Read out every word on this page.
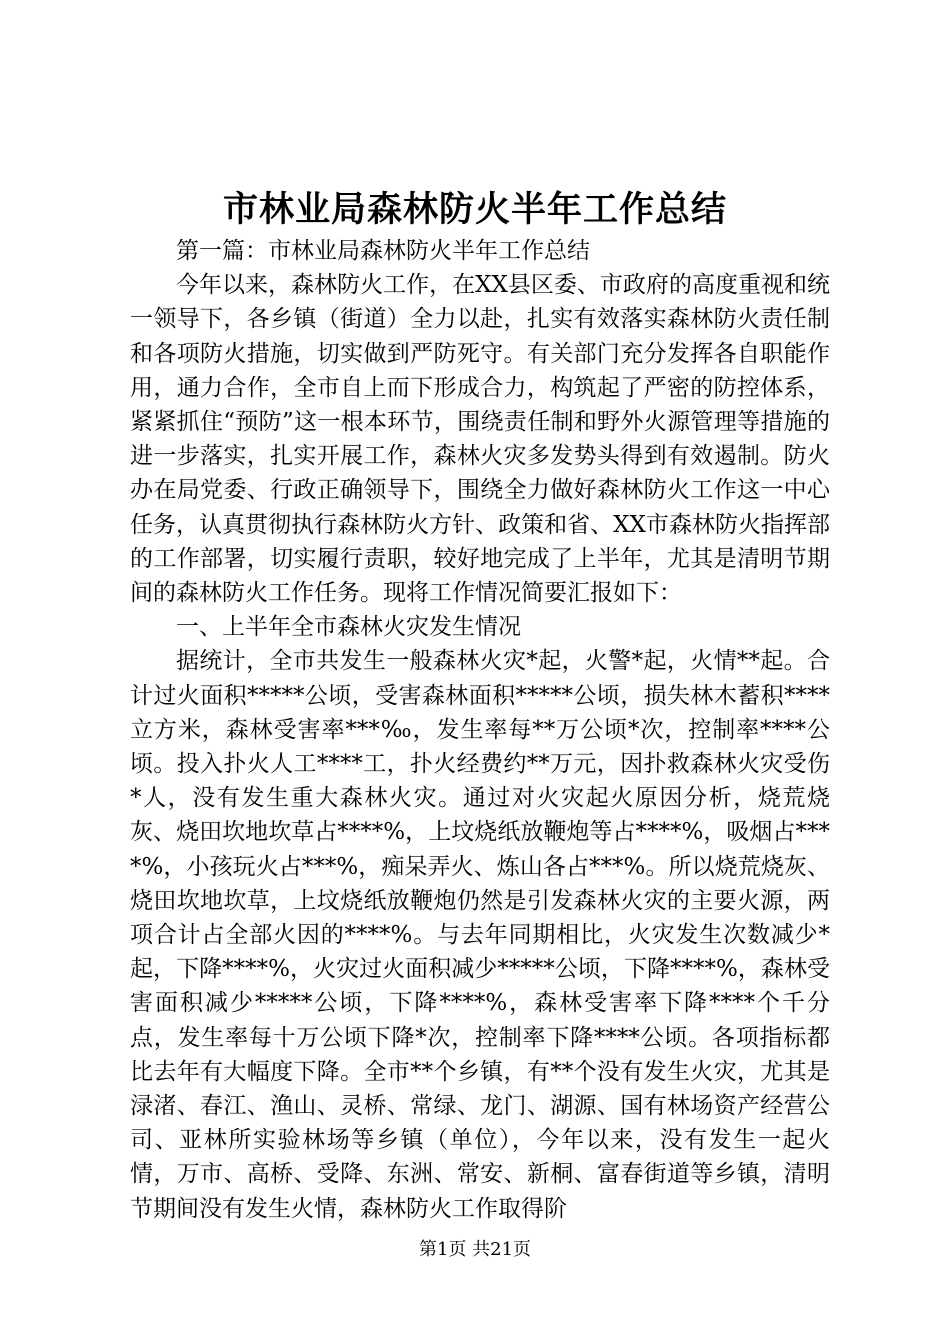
市林业局森林防火半年工作总结

第一篇：市林业局森林防火半年工作总结

今年以来，森林防火工作，在XX县区委、市政府的高度重视和统一领导下，各乡镇（街道）全力以赴，扎实有效落实森林防火责任制和各项防火措施，切实做到严防死守。有关部门充分发挥各自职能作用，通力合作，全市自上而下形成合力，构筑起了严密的防控体系，紧紧抓住“预防”这一根本环节，围绕责任制和野外火源管理等措施的进一步落实，扎实开展工作，森林火灾多发势头得到有效遏制。防火办在局党委、行政正确领导下，围绕全力做好森林防火工作这一中心任务，认真贯彻执行森林防火方针、政策和省、XX市森林防火指挥部的工作部署，切实履行责职，较好地完成了上半年，尤其是清明节期间的森林防火工作任务。现将工作情况简要汇报如下：

一、上半年全市森林火灾发生情况

据统计，全市共发生一般森林火灾*起，火警*起，火情**起。合计过火面积*****公顷，受害森林面积*****公顷，损失林木蓄积****立方米，森林受害率***‰，发生率每**万公顷*次，控制率****公顷。投入扑火人工****工，扑火经费约**万元，因扑救森林火灾受伤*人，没有发生重大森林火灾。通过对火灾起火原因分析，烧荒烧灰、烧田坎地坎草占****%，上坟烧纸放鞭炮等占****%，吸烟占****%，小孩玩火占***%，痴呆弄火、炼山各占***%。所以烧荒烧灰、烧田坎地坎草，上坟烧纸放鞭炮仍然是引发森林火灾的主要火源，两项合计占全部火因的****%。与去年同期相比，火灾发生次数减少*起，下降****%，火灾过火面积减少*****公顷，下降****%，森林受害面积减少*****公顷，下降****%，森林受害率下降****个千分点，发生率每十万公顷下降*次，控制率下降****公顷。各项指标都比去年有大幅度下降。全市**个乡镇，有**个没有发生火灾，尤其是渌渚、春江、渔山、灵桥、常绿、龙门、湖源、国有林场资产经营公司、亚林所实验林场等乡镇（单位），今年以来，没有发生一起火情，万市、高桥、受降、东洲、常安、新桐、富春街道等乡镇，清明节期间没有发生火情，森林防火工作取得阶

第1页 共21页
